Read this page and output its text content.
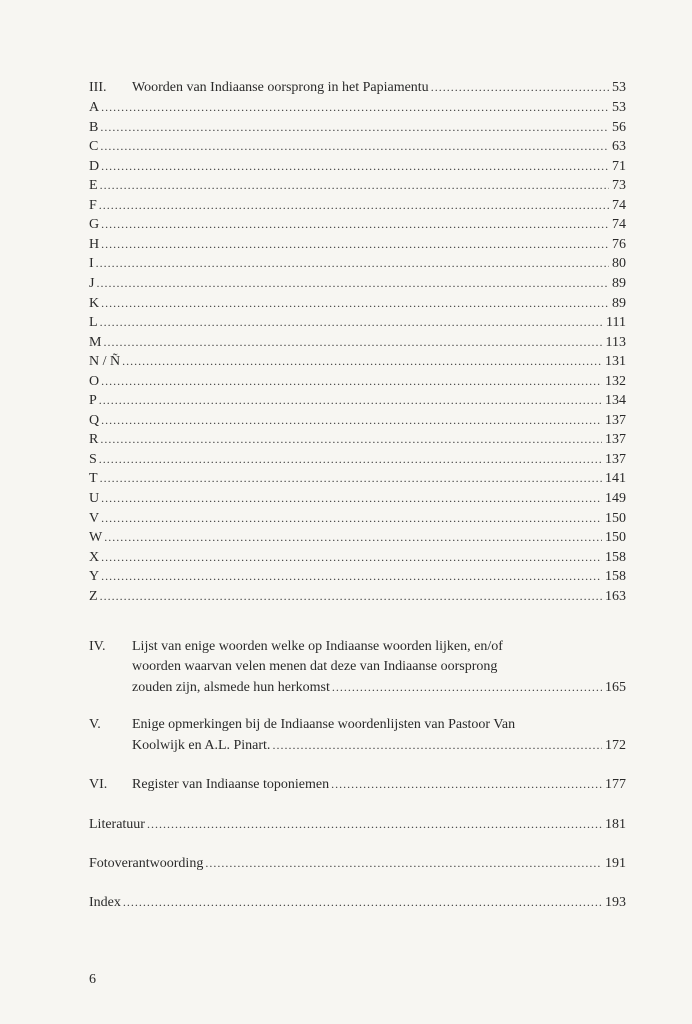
III.	Woorden van Indiaanse oorsprong in het Papiamentu .....	53
A .....	53
B .....	56
C .....	63
D .....	71
E .....	73
F .....	74
G .....	74
H .....	76
I .....	80
J .....	89
K .....	89
L .....	111
M .....	113
N / Ñ .....	131
O .....	132
P .....	134
Q .....	137
R .....	137
S .....	137
T .....	141
U .....	149
V .....	150
W .....	150
X .....	158
Y .....	158
Z .....	163
IV.	Lijst van enige woorden welke op Indiaanse woorden lijken, en/of
woorden waarvan velen menen dat deze van Indiaanse oorsprong
zouden zijn, alsmede hun herkomst .....	165
V.	Enige opmerkingen bij de Indiaanse woordenlijsten van Pastoor Van
Koolwijk en A.L. Pinart. .....	172
VI.	Register van Indiaanse toponiemen .....	177
Literatuur .....	181
Fotoverantwoording .....	191
Index .....	193
6
